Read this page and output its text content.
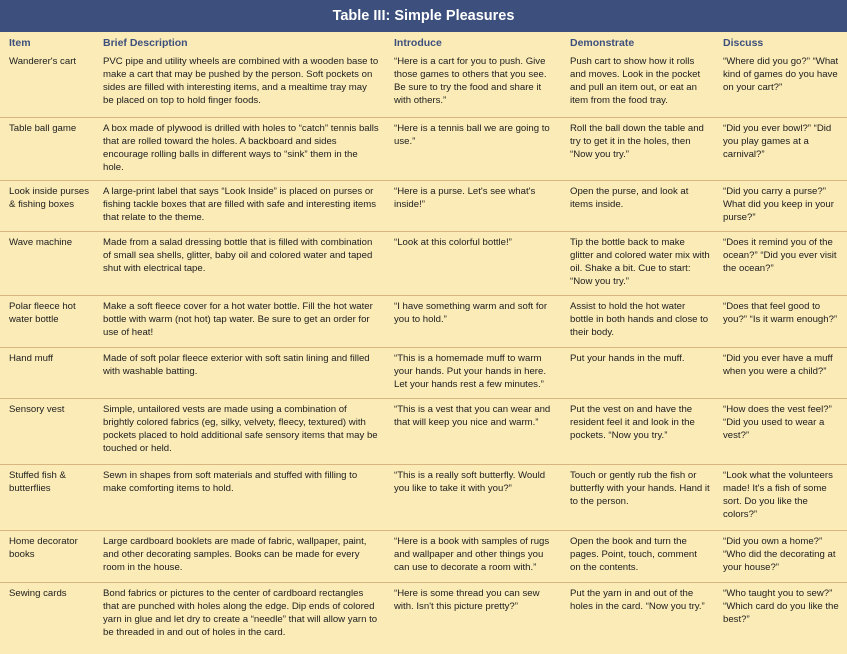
Table III: Simple Pleasures
Item	Brief Description	Introduce	Demonstrate	Discuss
Wanderer's cart	PVC pipe and utility wheels are combined with a wooden base to make a cart that may be pushed by the person. Soft pockets on sides are filled with interesting items, and a mealtime tray may be placed on top to hold finger foods.	“Here is a cart for you to push. Give those games to others that you see. Be sure to try the food and share it with others.”	Push cart to show how it rolls and moves. Look in the pocket and pull an item out, or eat an item from the food tray.	“Where did you go?” “What kind of games do you have on your cart?”
Table ball game	A box made of plywood is drilled with holes to “catch” tennis balls that are rolled toward the holes. A backboard and sides encourage rolling balls in different ways to “sink” them in the hole.	“Here is a tennis ball we are going to use.”	Roll the ball down the table and try to get it in the holes, then “Now you try.”	“Did you ever bowl?” “Did you play games at a carnival?”
Look inside purses & fishing boxes	A large-print label that says “Look Inside” is placed on purses or fishing tackle boxes that are filled with safe and interesting items that relate to the theme.	“Here is a purse. Let's see what's inside!”	Open the purse, and look at items inside.	“Did you carry a purse?” What did you keep in your purse?”
Wave machine	Made from a salad dressing bottle that is filled with combination of small sea shells, glitter, baby oil and colored water and taped shut with electrical tape.	“Look at this colorful bottle!”	Tip the bottle back to make glitter and colored water mix with oil. Shake a bit. Cue to start: “Now you try.”	“Does it remind you of the ocean?” “Did you ever visit the ocean?”
Polar fleece hot water bottle	Make a soft fleece cover for a hot water bottle. Fill the hot water bottle with warm (not hot) tap water. Be sure to get an order for use of heat!	“I have something warm and soft for you to hold.”	Assist to hold the hot water bottle in both hands and close to their body.	“Does that feel good to you?” “Is it warm enough?”
Hand muff	Made of soft polar fleece exterior with soft satin lining and filled with washable batting.	“This is a homemade muff to warm your hands. Put your hands in here. Let your hands rest a few minutes.”	Put your hands in the muff.	“Did you ever have a muff when you were a child?”
Sensory vest	Simple, untailored vests are made using a combination of brightly colored fabrics (eg, silky, velvety, fleecy, textured) with pockets placed to hold additional safe sensory items that may be touched or held.	“This is a vest that you can wear and that will keep you nice and warm.”	Put the vest on and have the resident feel it and look in the pockets. “Now you try.”	“How does the vest feel?” “Did you used to wear a vest?”
Stuffed fish & butterflies	Sewn in shapes from soft materials and stuffed with filling to make comforting items to hold.	“This is a really soft butterfly. Would you like to take it with you?”	Touch or gently rub the fish or butterfly with your hands. Hand it to the person.	“Look what the volunteers made! It's a fish of some sort. Do you like the colors?”
Home decorator books	Large cardboard booklets are made of fabric, wallpaper, paint, and other decorating samples. Books can be made for every room in the house.	“Here is a book with samples of rugs and wallpaper and other things you can use to decorate a room with.”	Open the book and turn the pages. Point, touch, comment on the contents.	“Did you own a home?” “Who did the decorating at your house?”
Sewing cards	Bond fabrics or pictures to the center of cardboard rectangles that are punched with holes along the edge. Dip ends of colored yarn in glue and let dry to create a “needle” that will allow yarn to be threaded in and out of holes in the card.	“Here is some thread you can sew with. Isn't this picture pretty?”	Put the yarn in and out of the holes in the card. “Now you try.”	“Who taught you to sew?” “Which card do you like the best?”
